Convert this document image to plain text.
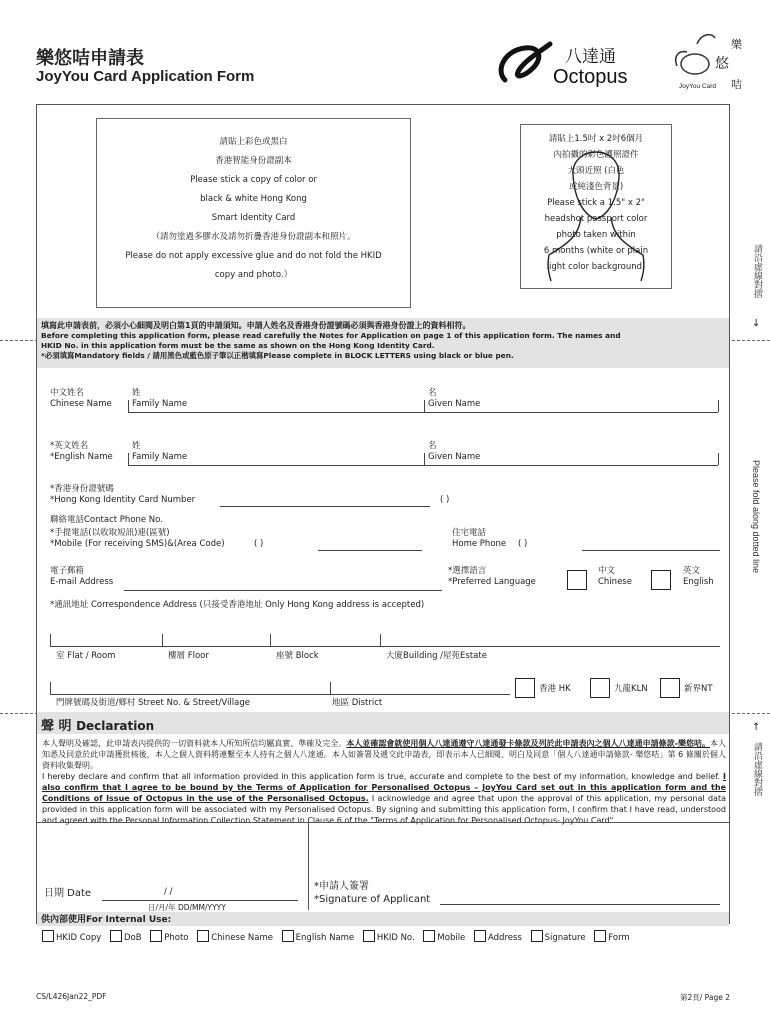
樂悠咭申請表
JoyYou Card Application Form
八達通
Octopus
樂
悠
咭
JoyYou Card
請沿虛線對摺
Please fold along dotted line
請沿虛線對摺
↓
↑
請貼上彩色或黑白
香港智能身份證副本
Please stick a copy of color or
black & white Hong Kong
Smart Identity Card
（請勿塗過多膠水及請勿折疊香港身份證副本和照片。
Please do not apply excessive glue and do not fold the HKID
copy and photo.）
請貼上1.5吋 x 2吋6個月
內拍攝的彩色護照證件
大頭近照 (白色
或純淺色背景)
Please stick a 1.5" x 2"
headshot passport color
photo taken within
6 months (white or plain
light color background)
填寫此申請表前，必須小心細閱及明白第1頁的申請須知。申請人姓名及香港身份證號碼必須與香港身份證上的資料相符。
Before completing this application form, please read carefully the Notes for Application on page 1 of this application form. The names and
HKID No. in this application form must be the same as shown on the Hong Kong Identity Card.
*必須填寫Mandatory fields / 請用黑色或藍色原子筆以正楷填寫Please complete in BLOCK LETTERS using black or blue pen.
中文姓名
Chinese Name
姓
Family Name
名
Given Name
*英文姓名
*English Name
姓
Family Name
名
Given Name
*香港身份證號碼
*Hong Kong Identity Card Number	( )
聯絡電話Contact Phone No.
*手提電話(以收取短訊)連(區號)
*Mobile (For receiving SMS)&(Area Code)	( )
住宅電話
Home Phone ( )
電子郵箱
E-mail Address
*選擇語言
*Preferred Language
中文
Chinese
英文
English
*通訊地址 Correspondence Address (只接受香港地址 Only Hong Kong address is accepted)
室 Flat / Room	樓層 Floor	座號 Block	大廈Building /屋苑Estate
門牌號碼及街道/鄉村 Street No. & Street/Village	地區 District
香港 HK	九龍KLN	新界NT
聲 明 Declaration
本人聲明及確認，此申請表內提供的一切資料就本人所知所信均屬真實、準確及完全。本人並確認會就使用個人八達通遵守八達通發卡條款及列於此申請表內之個人八達通申請條款-樂悠咭。本人知悉及同意於此申請獲批核後，本人之個人資料將連繫至本人持有之個人八達通。本人如簽署及遞交此申請表，即表示本人已細閱、明白及同意「個人八達通申請條款- 樂悠咭」第 6 條關於個人資料收集聲明。
I hereby declare and confirm that all information provided in this application form is true, accurate and complete to the best of my information, knowledge and belief. I also confirm that I agree to be bound by the Terms of Application for Personalised Octopus – JoyYou Card set out in this application form and the Conditions of Issue of Octopus in the use of the Personalised Octopus. I acknowledge and agree that upon the approval of this application, my personal data provided in this application form will be associated with my Personalised Octopus. By signing and submitting this application form, I confirm that I have read, understood and agreed with the Personal Information Collection Statement in Clause 6 of the "Terms of Application for Personalised Octopus- JoyYou Card".
日期 Date	/ /
日/月/年 DD/MM/YYYY
*申請人簽署
*Signature of Applicant
供內部使用For Internal Use:
HKID Copy	DoB	Photo	Chinese Name	English Name	HKID No.	Mobile	Address	Signature	Form
CS/L426Jan22_PDF	第2頁/ Page 2
